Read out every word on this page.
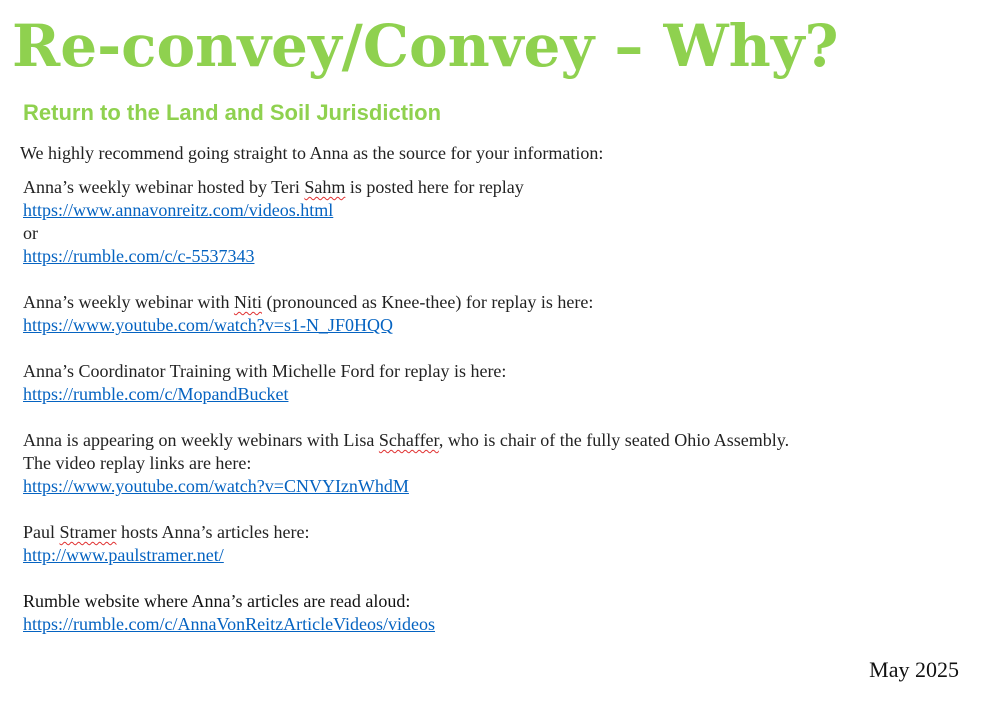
Re-convey/Convey – Why?
Return to the Land and Soil Jurisdiction
We highly recommend going straight to Anna as the source for your information:

Anna’s weekly webinar hosted by Teri Sahm is posted here for replay
https://www.annavonreitz.com/videos.html
or
https://rumble.com/c/c-5537343

Anna’s weekly webinar with Niti (pronounced as Knee-thee) for replay is here:
https://www.youtube.com/watch?v=s1-N_JF0HQQ

Anna’s Coordinator Training with Michelle Ford for replay is here:
https://rumble.com/c/MopandBucket

Anna is appearing on weekly webinars with Lisa Schaffer, who is chair of the fully seated Ohio Assembly.
The video replay links are here:
https://www.youtube.com/watch?v=CNVYIznWhdM

Paul Stramer hosts Anna’s articles here:
http://www.paulstramer.net/

Rumble website where Anna’s articles are read aloud:
https://rumble.com/c/AnnaVonReitzArticleVideos/videos

May 2025
